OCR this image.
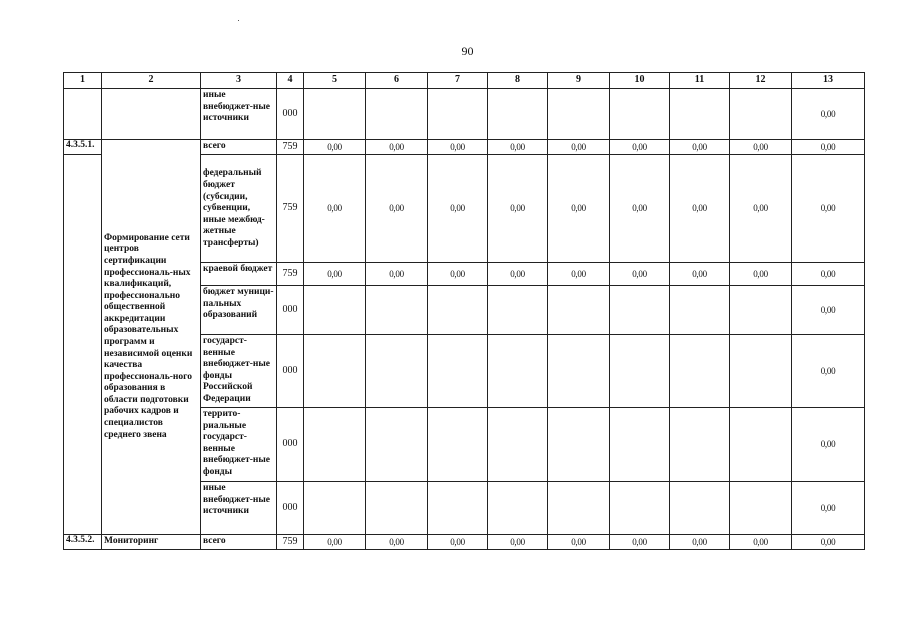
90
1	2	3	4	5	6	7	8	9	10	11	12	13
		иные внебюджет-ные источники	000									0,00
4.3.5.1.	Формирование сети центров сертификации профессиональ-ных квалификаций, профессионально общественной аккредитации образовательных программ и независимой оценки качества профессиональ-ного образования в области подготовки рабочих кадров и специалистов среднего звена	всего	759	0,00	0,00	0,00	0,00	0,00	0,00	0,00	0,00	0,00
		федеральный бюджет (субсидии, субвенции, иные межбюд-жетные трансферты)	759	0,00	0,00	0,00	0,00	0,00	0,00	0,00	0,00	0,00
		краевой бюджет	759	0,00	0,00	0,00	0,00	0,00	0,00	0,00	0,00	0,00
		бюджет муници-пальных образований	000									0,00
		государст-венные внебюджет-ные фонды Российской Федерации	000									0,00
		террито-риальные государст-венные внебюджет-ные фонды	000									0,00
		иные внебюджет-ные источники	000									0,00
4.3.5.2.	Мониторинг	всего	759	0,00	0,00	0,00	0,00	0,00	0,00	0,00	0,00	0,00
